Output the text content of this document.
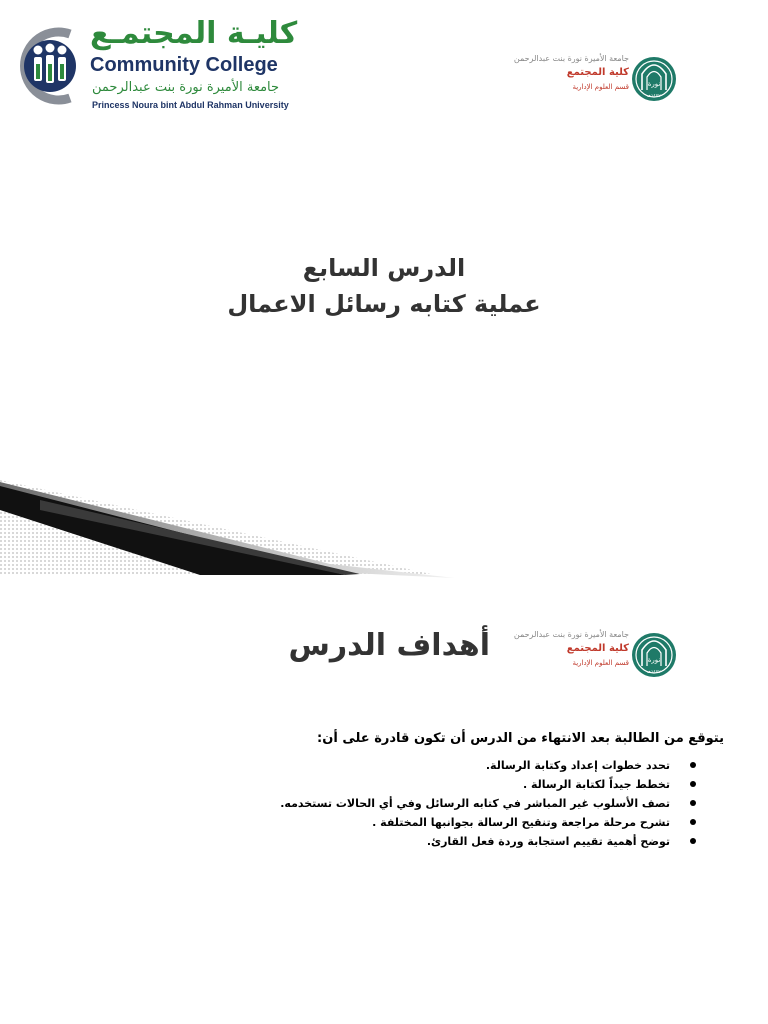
كليـة المجتمـع
Community College
جامعة الأميرة نورة بنت عبدالرحمن
Princess Noura bint Abdul Rahman University
جامعة الأميرة نورة بنت عبدالرحمن
كلية المجتمع
قسم العلوم الإدارية	نورة
١٤٢٧هـ
الدرس السابع
عملية كتابه رسائل الاعمال
جامعة الأميرة نورة بنت عبدالرحمن
كلية المجتمع
قسم العلوم الإدارية	نورة
١٤٢٧هـ
أهداف الدرس
يتوقع من الطالبة بعد الانتهاء من الدرس أن تكون قادرة على أن:
تحدد خطوات إعداد وكتابة الرسالة.
تخطط جيداً لكتابة الرسالة .
تصف الأسلوب غير المباشر في كتابه الرسائل وفي أي الحالات تستخدمه.
تشرح مرحلة مراجعة وتنقيح الرسالة بجوانبها المختلفة .
توضح أهمية تقييم استجابة وردة فعل القارئ.
